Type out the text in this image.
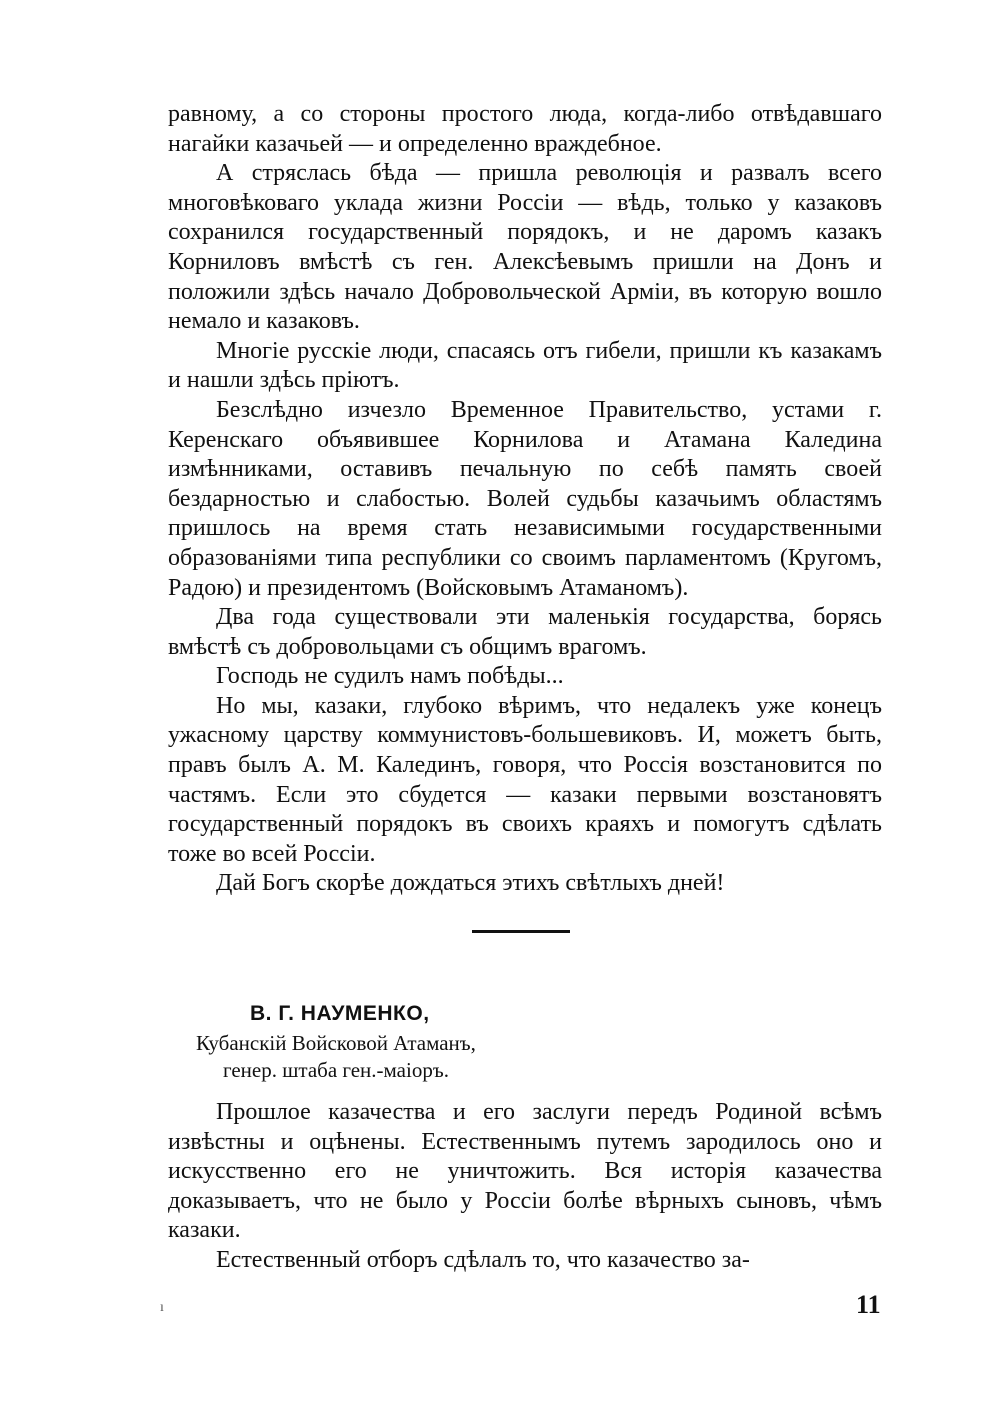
равному, а со стороны простого люда, когда-либо отвѣдавшаго нагайки казачьей — и определенно враждебное.

А стряслась бѣда — пришла революція и развалъ всего многовѣковаго уклада жизни Россіи — вѣдь, только у казаковъ сохранился государственный порядокъ, и не даромъ казакъ Корниловъ вмѣстѣ съ ген. Алексѣевымъ пришли на Донъ и положили здѣсь начало Добровольческой Арміи, въ которую вошло немало и казаковъ.

Многіе русскіе люди, спасаясь отъ гибели, пришли къ казакамъ и нашли здѣсь пріютъ.

Безслѣдно изчезло Временное Правительство, устами г. Керенскаго объявившее Корнилова и Атамана Каледина измѣнниками, оставивъ печальную по себѣ память своей бездарностью и слабостью. Волей судьбы казачьимъ областямъ пришлось на время стать независимыми государственными образованіями типа республики со своимъ парламентомъ (Кругомъ, Радою) и президентомъ (Войсковымъ Атаманомъ).

Два года существовали эти маленькія государства, борясь вмѣстѣ съ добровольцами съ общимъ врагомъ.

Господь не судилъ намъ побѣды...

Но мы, казаки, глубоко вѣримъ, что недалекъ уже конецъ ужасному царству коммунистовъ-большевиковъ. И, можетъ быть, правъ былъ А. М. Калединъ, говоря, что Россія возстановится по частямъ. Если это сбудется — казаки первыми возстановятъ государственный порядокъ въ своихъ краяхъ и помогутъ сдѣлать тоже во всей Россіи.

Дай Богъ скорѣе дождаться этихъ свѣтлыхъ дней!

В. Г. НАУМЕНКО,

Кубанскій Войсковой Атаманъ,

генер. штаба ген.-маіоръ.

Прошлое казачества и его заслуги передъ Родиной всѣмъ извѣстны и оцѣнены. Естественнымъ путемъ зародилось оно и искусственно его не уничтожить. Вся исторія казачества доказываетъ, что не было у Россіи болѣе вѣрныхъ сыновъ, чѣмъ казаки.

Естественный отборъ сдѣлалъ то, что казачество за-

11
ı
